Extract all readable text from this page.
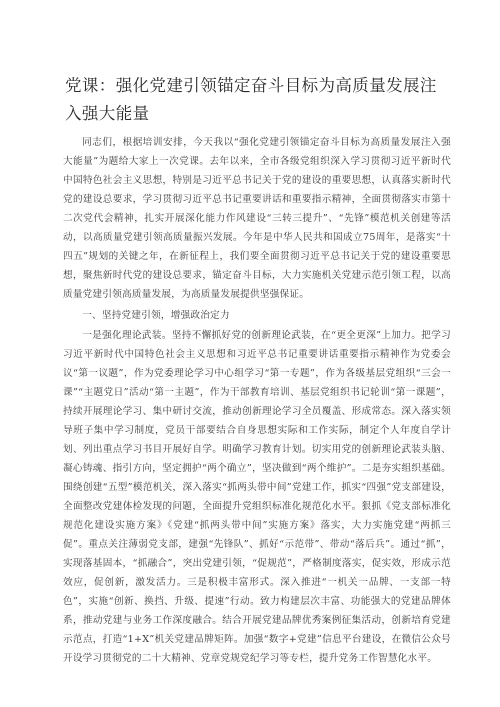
党课：强化党建引领锚定奋斗目标为高质量发展注入强大能量

同志们，根据培训安排，今天我以“强化党建引领锚定奋斗目标为高质量发展注入强大能量”为题给大家上一次党课。去年以来，全市各级党组织深入学习贯彻习近平新时代中国特色社会主义思想，特别是习近平总书记关于党的建设的重要思想，认真落实新时代党的建设总要求，学习贯彻习近平总书记重要讲话和重要指示精神，全面贯彻落实市第十二次党代会精神，扎实开展深化能力作风建设“三转三提升”、“先锋”模范机关创建等活动，以高质量党建引领高质量振兴发展。今年是中华人民共和国成立75周年，是落实“十四五”规划的关键之年，在新征程上，我们要全面贯彻习近平总书记关于党的建设重要思想，聚焦新时代党的建设总要求，锚定奋斗目标，大力实施机关党建示范引领工程，以高质量党建引领高质量发展，为高质量发展提供坚强保证。

一、坚持党建引领，增强政治定力

一是强化理论武装。坚持不懈抓好党的创新理论武装，在“更全更深”上加力。把学习习近平新时代中国特色社会主义思想和习近平总书记重要讲话重要指示精神作为党委会议“第一议题”，作为党委理论学习中心组学习“第一专题”，作为各级基层党组织“三会一课”“主题党日”活动“第一主题”，作为干部教育培训、基层党组织书记轮训“第一课题”，持续开展理论学习、集中研讨交流，推动创新理论学习全员覆盖、形成常态。深入落实领导班子集中学习制度，党员干部要结合自身思想实际和工作实际，制定个人年度自学计划、列出重点学习书目开展好自学。明确学习教育计划。切实用党的创新理论武装头脑、凝心铸魂、指引方向，坚定拥护“两个确立”，坚决做到“两个维护”。二是夯实组织基础。围绕创建“五型”模范机关，深入落实“抓两头带中间”党建工作，抓实“四强”党支部建设，全面整改党建体检发现的问题，全面提升党组织标准化规范化水平。狠抓《党支部标准化规范化建设实施方案》《党建“抓两头带中间”实施方案》落实，大力实施党建“两抓三促”。重点关注薄弱党支部，建强“先锋队”、抓好“示范带”、带动“落后兵”。通过“抓”，实现落基固本，“抓融合”，突出党建引领，“促规范”，严格制度落实，促实效，形成示范效应，促创新，激发活力。三是积极丰富形式。深入推进“一机关一品牌、一支部一特色”，实施“创新、换挡、升级、提速”行动。致力构建层次丰富、功能强大的党建品牌体系，推动党建与业务工作深度融合。结合开展党建品牌优秀案例征集活动，创新培育党建示范点，打造“1+X”机关党建品牌矩阵。加强“数字+党建”信息平台建设，在微信公众号开设学习贯彻党的二十大精神、党章党规党纪学习等专栏，提升党务工作智慧化水平。
